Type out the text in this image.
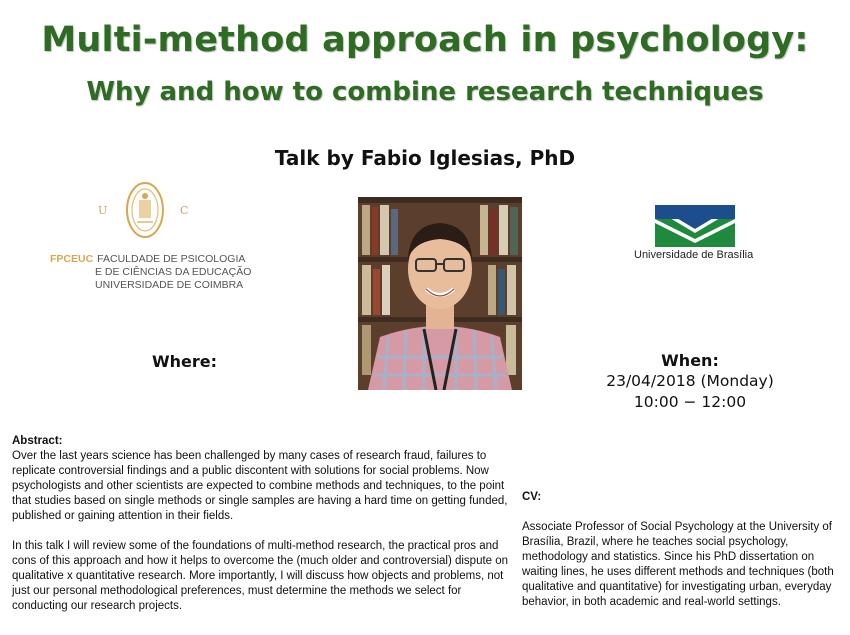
Multi-method approach in psychology:
Why and how to combine research techniques
Talk by Fabio Iglesias, PhD
U	C
FPCEUC FACULDADE DE PSICOLOGIA
E DE CIÊNCIAS DA EDUCAÇÃO
UNIVERSIDADE DE COIMBRA
Universidade de Brasília
Where:	When:
23/04/2018 (Monday)
10:00 − 12:00
Abstract:

Over the last years science has been challenged by many cases of research fraud, failures to replicate controversial findings and a public discontent with solutions for social problems. Now psychologists and other scientists are expected to combine methods and techniques, to the point that studies based on single methods or single samples are having a hard time on getting funded, published or gaining attention in their fields.

In this talk I will review some of the foundations of multi-method research, the practical pros and cons of this approach and how it helps to overcome the (much older and controversial) dispute on qualitative x quantitative research. More importantly, I will discuss how objects and problems, not just our personal methodological preferences, must determine the methods we select for conducting our research projects.

CV:
Associate Professor of Social Psychology at the University of Brasília, Brazil, where he teaches social psychology, methodology and statistics. Since his PhD dissertation on waiting lines, he uses different methods and techniques (both qualitative and quantitative) for investigating urban, everyday behavior, in both academic and real-world settings.
